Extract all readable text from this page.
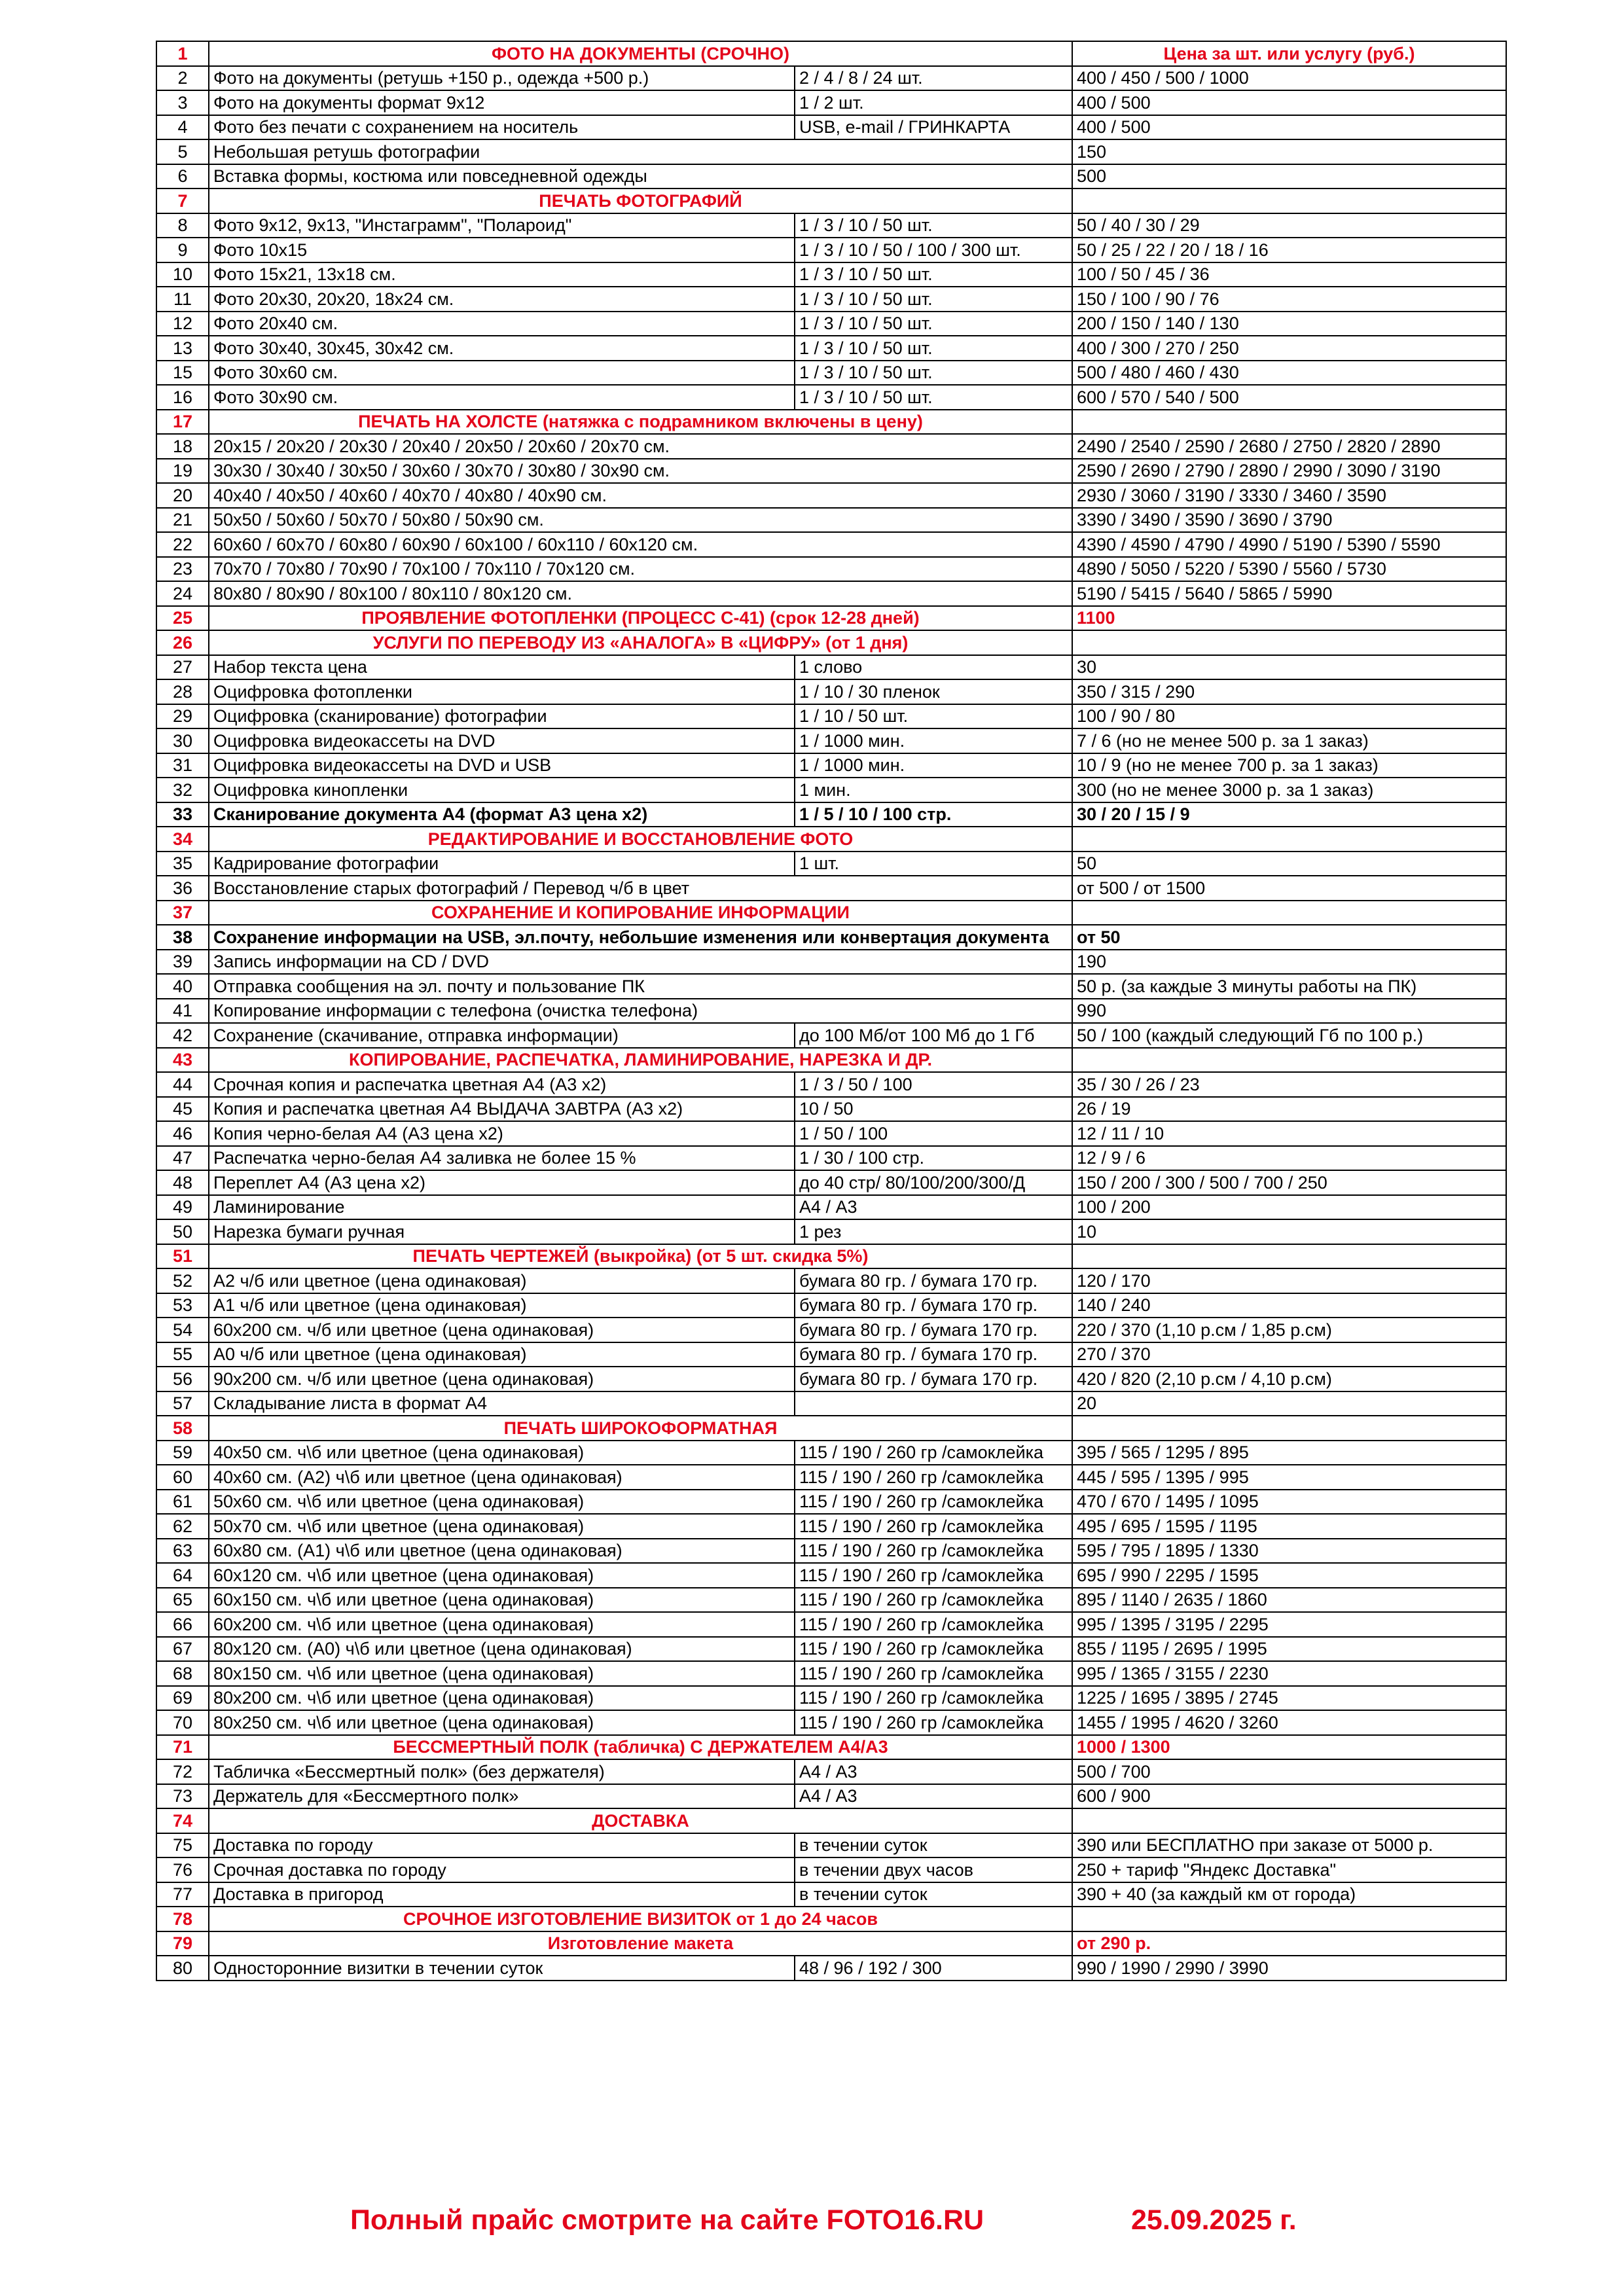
1	ФОТО НА ДОКУМЕНТЫ (СРОЧНО)		Цена за шт. или услугу (руб.)
2	Фото на документы (ретушь +150 р., одежда +500 р.)	2 / 4 / 8 / 24 шт.	400 / 450 / 500 / 1000
3	Фото на документы формат 9х12	1 / 2 шт.	400 / 500
4	Фото без печати с сохранением на носитель	USB, e-mail / ГРИНКАРТА	400 / 500
5	Небольшая ретушь фотографии		150
6	Вставка формы, костюма или повседневной одежды		500
7	ПЕЧАТЬ ФОТОГРАФИЙ		
8	Фото 9х12, 9х13, "Инстаграмм", "Полароид"	1 / 3 / 10 / 50 шт.	50 / 40 / 30 / 29
9	Фото 10х15	1 / 3 / 10 / 50 / 100 / 300 шт.	50 / 25 / 22 / 20 / 18 / 16
10	Фото 15х21, 13х18 см.	1 / 3 / 10 / 50 шт.	100 / 50 / 45 / 36
11	Фото 20х30, 20х20, 18х24 см.	1 / 3 / 10 / 50 шт.	150 / 100 / 90 / 76
12	Фото 20х40 см.	1 / 3 / 10 / 50 шт.	200 / 150 / 140 / 130
13	Фото 30х40, 30х45, 30х42 см.	1 / 3 / 10 / 50 шт.	400 / 300 / 270 / 250
15	Фото 30х60 см.	1 / 3 / 10 / 50 шт.	500 / 480 / 460 / 430
16	Фото 30х90 см.	1 / 3 / 10 / 50 шт.	600 / 570 / 540 / 500
17	ПЕЧАТЬ НА ХОЛСТЕ (натяжка с подрамником включены в цену)		
18	20х15 / 20х20 / 20х30 / 20х40 / 20х50 / 20х60 / 20х70 см.		2490 / 2540 / 2590 / 2680 / 2750 / 2820 / 2890
19	30х30 / 30х40 / 30х50 / 30х60 / 30х70 / 30х80 / 30х90 см.		2590 / 2690 / 2790 / 2890 / 2990 / 3090 / 3190
20	40х40 / 40х50 / 40х60 / 40х70 / 40х80 / 40х90 см.		2930 / 3060 / 3190 / 3330 / 3460 / 3590
21	50х50 / 50х60 / 50х70 / 50х80 / 50х90 см.		3390 / 3490 / 3590 / 3690 / 3790
22	60х60 / 60х70 / 60х80 / 60х90 / 60х100 / 60х110 / 60х120 см.		4390 / 4590 / 4790 / 4990 / 5190 / 5390 / 5590
23	70х70 / 70х80 / 70х90 / 70х100 / 70х110 / 70х120 см.		4890 / 5050 / 5220 / 5390 / 5560 / 5730
24	80х80 / 80х90 / 80х100 / 80х110 / 80х120 см.		5190 / 5415 / 5640 / 5865 / 5990
25	ПРОЯВЛЕНИЕ ФОТОПЛЕНКИ (ПРОЦЕСС С-41) (срок 12-28 дней)		1100
26	УСЛУГИ ПО ПЕРЕВОДУ ИЗ «АНАЛОГА» В «ЦИФРУ» (от 1 дня)		
27	Набор текста цена	1 слово	30
28	Оцифровка фотопленки	1 / 10 / 30 пленок	350 / 315 / 290
29	Оцифровка (сканирование) фотографии	1 / 10 / 50 шт.	100 / 90 / 80
30	Оцифровка видеокассеты на DVD	1 / 1000 мин.	7 / 6 (но не менее 500 р. за 1 заказ)
31	Оцифровка видеокассеты на DVD и USB	1 / 1000 мин.	10 / 9 (но не менее 700 р. за 1 заказ)
32	Оцифровка кинопленки	1 мин.	300 (но не менее 3000 р. за 1 заказ)
33	Сканирование документа А4 (формат А3 цена х2)	1 / 5 / 10 / 100 стр.	30 / 20 / 15 / 9
34	РЕДАКТИРОВАНИЕ И ВОССТАНОВЛЕНИЕ ФОТО		
35	Кадрирование фотографии	1 шт.	50
36	Восстановление старых фотографий / Перевод ч/б в цвет		от 500 / от 1500
37	СОХРАНЕНИЕ И КОПИРОВАНИЕ ИНФОРМАЦИИ		
38	Сохранение информации на USB, эл.почту, небольшие изменения или конвертация документа		от 50
39	Запись информации на CD / DVD		190
40	Отправка сообщения на эл. почту и пользование ПК		50 р. (за каждые 3 минуты работы на ПК)
41	Копирование информации с телефона (очистка телефона)		990
42	Сохранение (скачивание, отправка информации)	до 100 Мб/от 100 Мб до 1 Гб	50 / 100 (каждый следующий Гб по 100 р.)
43	КОПИРОВАНИЕ, РАСПЕЧАТКА, ЛАМИНИРОВАНИЕ, НАРЕЗКА И ДР.		
44	Срочная копия и распечатка цветная А4 (А3 х2)	1 / 3 / 50 / 100	35 / 30 / 26 / 23
45	Копия и распечатка цветная А4 ВЫДАЧА ЗАВТРА (А3 х2)	10 / 50	26 / 19
46	Копия черно-белая А4 (А3 цена х2)	1 / 50 / 100	12 / 11 / 10
47	Распечатка черно-белая А4 заливка не более 15 %	1 / 30 / 100 стр.	12 / 9 / 6
48	Переплет А4 (А3 цена х2)	до 40 стр/ 80/100/200/300/Д	150 / 200 / 300 / 500 / 700 / 250
49	Ламинирование	А4 / А3	100 / 200
50	Нарезка бумаги ручная	1 рез	10
51	ПЕЧАТЬ ЧЕРТЕЖЕЙ (выкройка) (от 5 шт. скидка 5%)		
52	А2 ч/б или цветное (цена одинаковая)	бумага 80 гр. / бумага 170 гр.	120 / 170
53	А1 ч/б или цветное (цена одинаковая)	бумага 80 гр. / бумага 170 гр.	140 / 240
54	60х200 см. ч/б или цветное (цена одинаковая)	бумага 80 гр. / бумага 170 гр.	220 / 370 (1,10 р.см / 1,85 р.см)
55	А0 ч/б или цветное (цена одинаковая)	бумага 80 гр. / бумага 170 гр.	270 / 370
56	90х200 см. ч/б или цветное (цена одинаковая)	бумага 80 гр. / бумага 170 гр.	420 / 820 (2,10 р.см / 4,10 р.см)
57	Складывание листа в формат А4		20
58	ПЕЧАТЬ ШИРОКОФОРМАТНАЯ		
59	40х50 см. ч\б или цветное (цена одинаковая)	115 / 190 / 260 гр /самоклейка	395 / 565 / 1295 / 895
60	40х60 см. (А2) ч\б или цветное (цена одинаковая)	115 / 190 / 260 гр /самоклейка	445 / 595 / 1395 / 995
61	50х60 см. ч\б или цветное (цена одинаковая)	115 / 190 / 260 гр /самоклейка	470 / 670 / 1495 / 1095
62	50х70 см. ч\б или цветное (цена одинаковая)	115 / 190 / 260 гр /самоклейка	495 / 695 / 1595 / 1195
63	60х80 см. (А1) ч\б или цветное (цена одинаковая)	115 / 190 / 260 гр /самоклейка	595 / 795 / 1895 / 1330
64	60х120 см. ч\б или цветное (цена одинаковая)	115 / 190 / 260 гр /самоклейка	695 / 990 / 2295 / 1595
65	60х150 см. ч\б или цветное (цена одинаковая)	115 / 190 / 260 гр /самоклейка	895 / 1140 / 2635 / 1860
66	60х200 см. ч\б или цветное (цена одинаковая)	115 / 190 / 260 гр /самоклейка	995 / 1395 / 3195 / 2295
67	80х120 см. (А0) ч\б или цветное (цена одинаковая)	115 / 190 / 260 гр /самоклейка	855 / 1195 / 2695 / 1995
68	80х150 см. ч\б или цветное (цена одинаковая)	115 / 190 / 260 гр /самоклейка	995 / 1365 / 3155 / 2230
69	80х200 см. ч\б или цветное (цена одинаковая)	115 / 190 / 260 гр /самоклейка	1225 / 1695 / 3895 / 2745
70	80х250 см. ч\б или цветное (цена одинаковая)	115 / 190 / 260 гр /самоклейка	1455 / 1995 / 4620 / 3260
71	БЕССМЕРТНЫЙ ПОЛК (табличка) С ДЕРЖАТЕЛЕМ А4/А3		1000 / 1300
72	Табличка «Бессмертный полк» (без держателя)	А4 / А3	500 / 700
73	Держатель для «Бессмертного полк»	А4 / А3	600 / 900
74	ДОСТАВКА		
75	Доставка по городу	в течении суток	390 или БЕСПЛАТНО при заказе от 5000 р.
76	Срочная доставка по городу	в течении двух часов	250 + тариф "Яндекс Доставка"
77	Доставка в пригород	в течении суток	390 + 40 (за каждый км от города)
78	СРОЧНОЕ ИЗГОТОВЛЕНИЕ ВИЗИТОК от 1 до 24 часов		
79	Изготовление макета		от 290 р.
80	Односторонние визитки в течении суток	48 / 96 / 192 / 300	990 / 1990 / 2990 / 3990
Полный прайс смотрите на сайте FOTO16.RU	25.09.2025 г.
